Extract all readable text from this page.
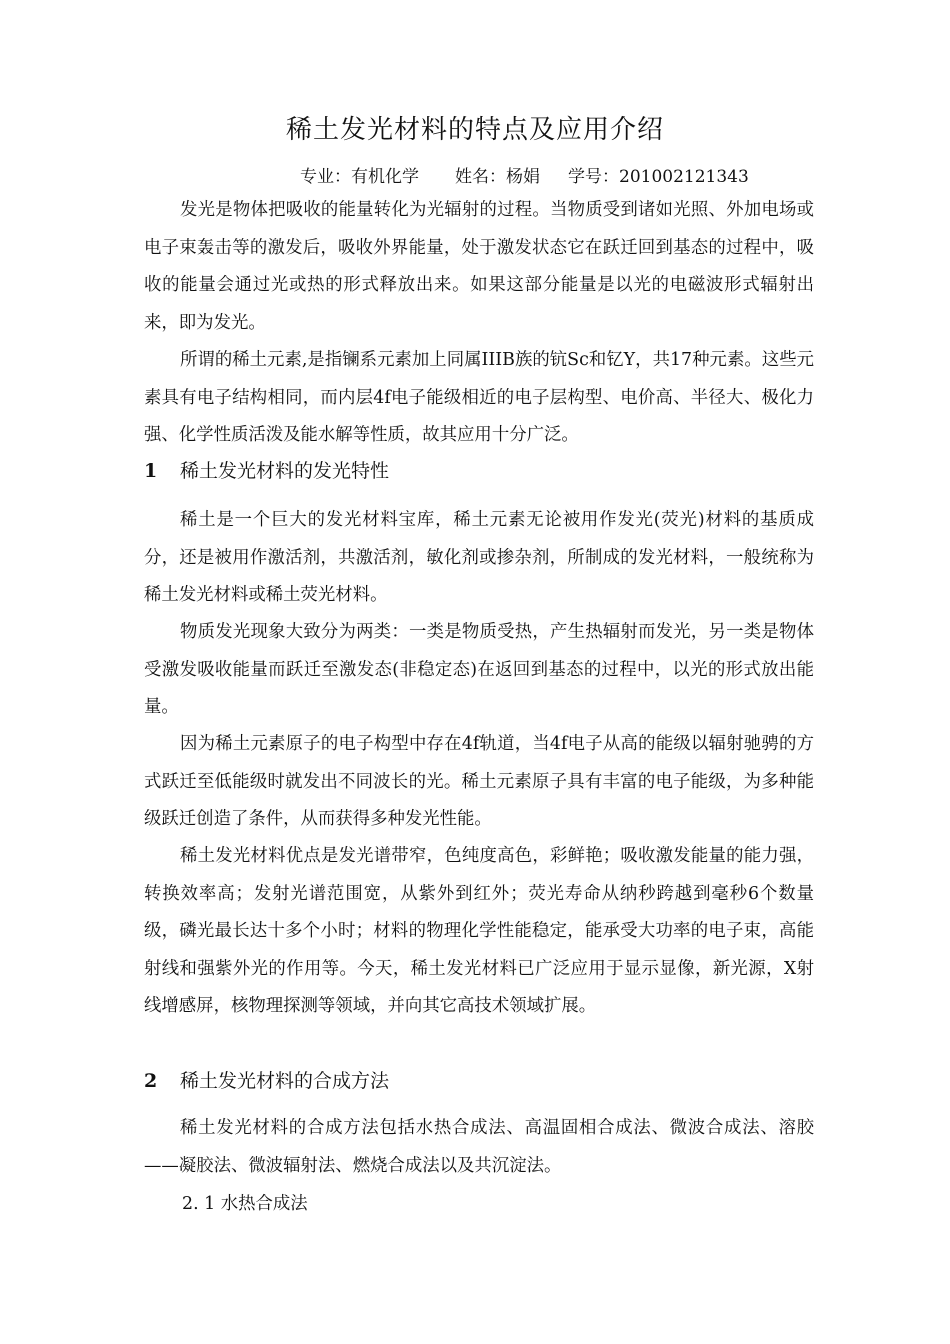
稀土发光材料的特点及应用介绍
专业：有机化学 姓名：杨娟 学号：201002121343

发光是物体把吸收的能量转化为光辐射的过程。当物质受到诸如光照、外加电场或电子束轰击等的激发后，吸收外界能量，处于激发状态它在跃迁回到基态的过程中，吸收的能量会通过光或热的形式释放出来。如果这部分能量是以光的电磁波形式辐射出来，即为发光。

所谓的稀土元素,是指镧系元素加上同属IIIB族的钪Sc和钇Y，共17种元素。这些元素具有电子结构相同，而内层4f电子能级相近的电子层构型、电价高、半径大、极化力强、化学性质活泼及能水解等性质，故其应用十分广泛。

1 稀土发光材料的发光特性

稀土是一个巨大的发光材料宝库，稀土元素无论被用作发光(荧光)材料的基质成分，还是被用作激活剂，共激活剂，敏化剂或掺杂剂，所制成的发光材料，一般统称为稀土发光材料或稀土荧光材料。

物质发光现象大致分为两类：一类是物质受热，产生热辐射而发光，另一类是物体受激发吸收能量而跃迁至激发态(非稳定态)在返回到基态的过程中，以光的形式放出能量。

因为稀土元素原子的电子构型中存在4f轨道，当4f电子从高的能级以辐射驰骋的方式跃迁至低能级时就发出不同波长的光。稀土元素原子具有丰富的电子能级，为多种能级跃迁创造了条件，从而获得多种发光性能。

稀土发光材料优点是发光谱带窄，色纯度高色，彩鲜艳；吸收激发能量的能力强，转换效率高；发射光谱范围宽，从紫外到红外；荧光寿命从纳秒跨越到毫秒6个数量级，磷光最长达十多个小时；材料的物理化学性能稳定，能承受大功率的电子束，高能射线和强紫外光的作用等。今天，稀土发光材料已广泛应用于显示显像，新光源，X射线增感屏，核物理探测等领域，并向其它高技术领域扩展。

2 稀土发光材料的合成方法

稀土发光材料的合成方法包括水热合成法、高温固相合成法、微波合成法、溶胶——凝胶法、微波辐射法、燃烧合成法以及共沉淀法。

2. 1 水热合成法
